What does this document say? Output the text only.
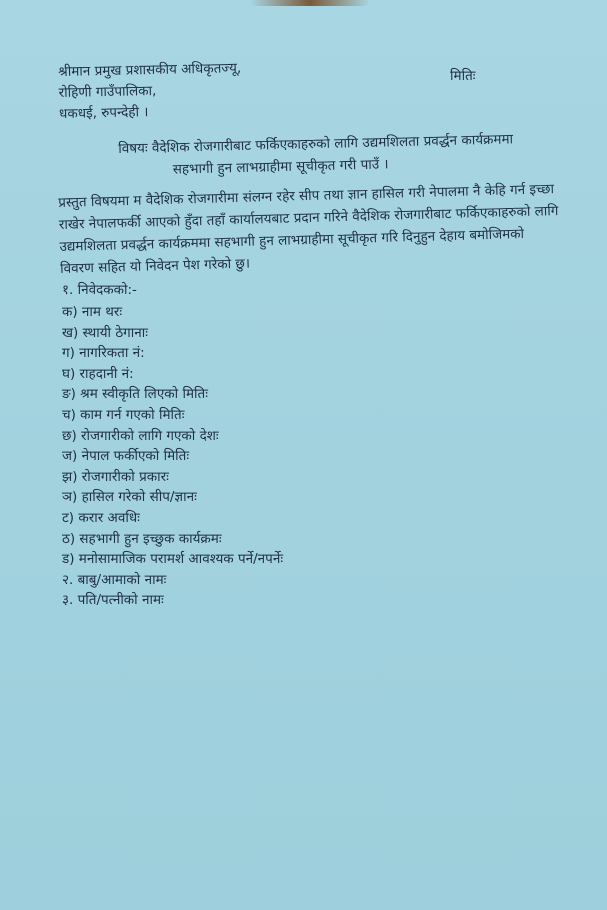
श्रीमान प्रमुख प्रशासकीय अधिकृतज्यू,
रोहिणी गाउँपालिका,
धकधई, रुपन्देही ।
मितिः
विषयः वैदेशिक रोजगारीबाट फर्किएकाहरुको लागि उद्यमशिलता प्रवर्द्धन कार्यक्रममा
सहभागी हुन लाभग्राहीमा सूचीकृत गरी पाउँ ।
प्रस्तुत विषयमा म वैदेशिक रोजगारीमा संलग्न रहेर सीप तथा ज्ञान हासिल गरी नेपालमा नै केहि गर्न इच्छा राखेर नेपालफर्की आएको हुँदा तहाँ कार्यालयबाट प्रदान गरिने वैदेशिक रोजगारीबाट फर्किएकाहरुको लागि उद्यमशिलता प्रवर्द्धन कार्यक्रममा सहभागी हुन लाभग्राहीमा सूचीकृत गरि दिनुहुन देहाय बमोजिमको विवरण सहित यो निवेदन पेश गरेको छु।
१. निवेदकको:-
क) नाम थरः
ख) स्थायी ठेगानाः
ग) नागरिकता नं:
घ) राहदानी नं:
ङ) श्रम स्वीकृति लिएको मितिः
च) काम गर्न गएको मितिः
छ) रोजगारीको लागि गएको देशः
ज) नेपाल फर्कीएको मितिः
झ) रोजगारीको प्रकारः
ञ) हासिल गरेको सीप/ज्ञानः
ट) करार अवधिः
ठ) सहभागी हुन इच्छुक कार्यक्रमः
ड) मनोसामाजिक परामर्श आवश्यक पर्ने/नपर्नेः
२. बाबु/आमाको नामः
३. पति/पत्नीको नामः
